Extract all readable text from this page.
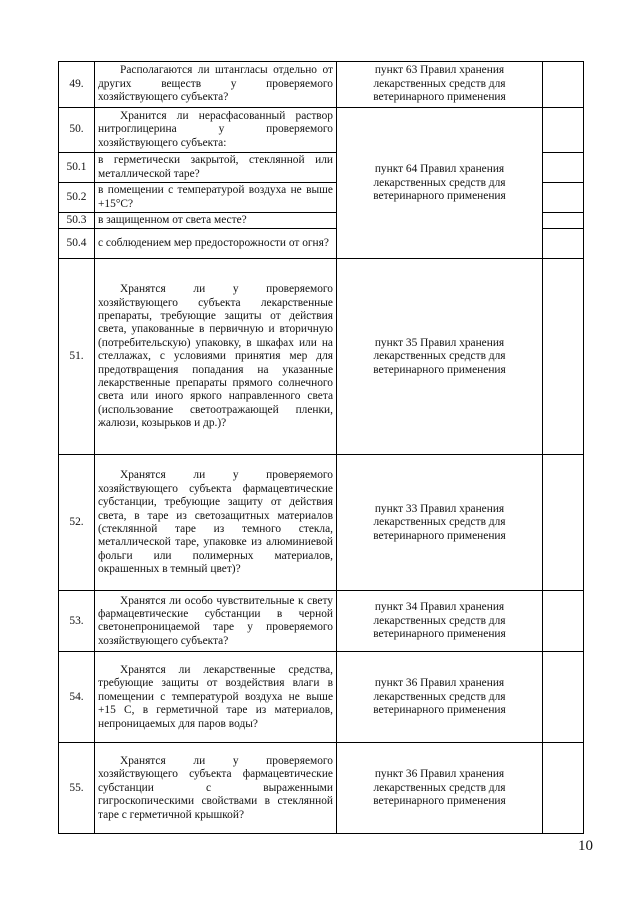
49.	Располагаются ли штангласы отдельно от других веществ у проверяемого хозяйствующего субъекта?	пункт 63 Правил хранения лекарственных средств для ветеринарного применения	
50.	Хранится ли нерасфасованный раствор нитроглицерина у проверяемого хозяйствующего субъекта:	пункт 64 Правил хранения лекарственных средств для ветеринарного применения	
50.1	в герметически закрытой, стеклянной или металлической таре?		
50.2	в помещении с температурой воздуха не выше +15°С?		
50.3	в защищенном от света месте?		
50.4	с соблюдением мер предосторожности от огня?		
51.	Хранятся ли у проверяемого хозяйствующего субъекта лекарственные препараты, требующие защиты от действия света, упакованные в первичную и вторичную (потребительскую) упаковку, в шкафах или на стеллажах, с условиями принятия мер для предотвращения попадания на указанные лекарственные препараты прямого солнечного света или иного яркого направленного света (использование светоотражающей пленки, жалюзи, козырьков и др.)?	пункт 35 Правил хранения лекарственных средств для ветеринарного применения	
52.	Хранятся ли у проверяемого хозяйствующего субъекта фармацевтические субстанции, требующие защиту от действия света, в таре из светозащитных материалов (стеклянной таре из темного стекла, металлической таре, упаковке из алюминиевой фольги или полимерных материалов, окрашенных в темный цвет)?	пункт 33 Правил хранения лекарственных средств для ветеринарного применения	
53.	Хранятся ли особо чувствительные к свету фармацевтические субстанции в черной светонепроницаемой таре у проверяемого хозяйствующего субъекта?	пункт 34 Правил хранения лекарственных средств для ветеринарного применения	
54.	Хранятся ли лекарственные средства, требующие защиты от воздействия влаги в помещении с температурой воздуха не выше +15 С, в герметичной таре из материалов, непроницаемых для паров воды?	пункт 36 Правил хранения лекарственных средств для ветеринарного применения	
55.	Хранятся ли у проверяемого хозяйствующего субъекта фармацевтические субстанции с выраженными гигроскопическими свойствами в стеклянной таре с герметичной крышкой?	пункт 36 Правил хранения лекарственных средств для ветеринарного применения	
10
